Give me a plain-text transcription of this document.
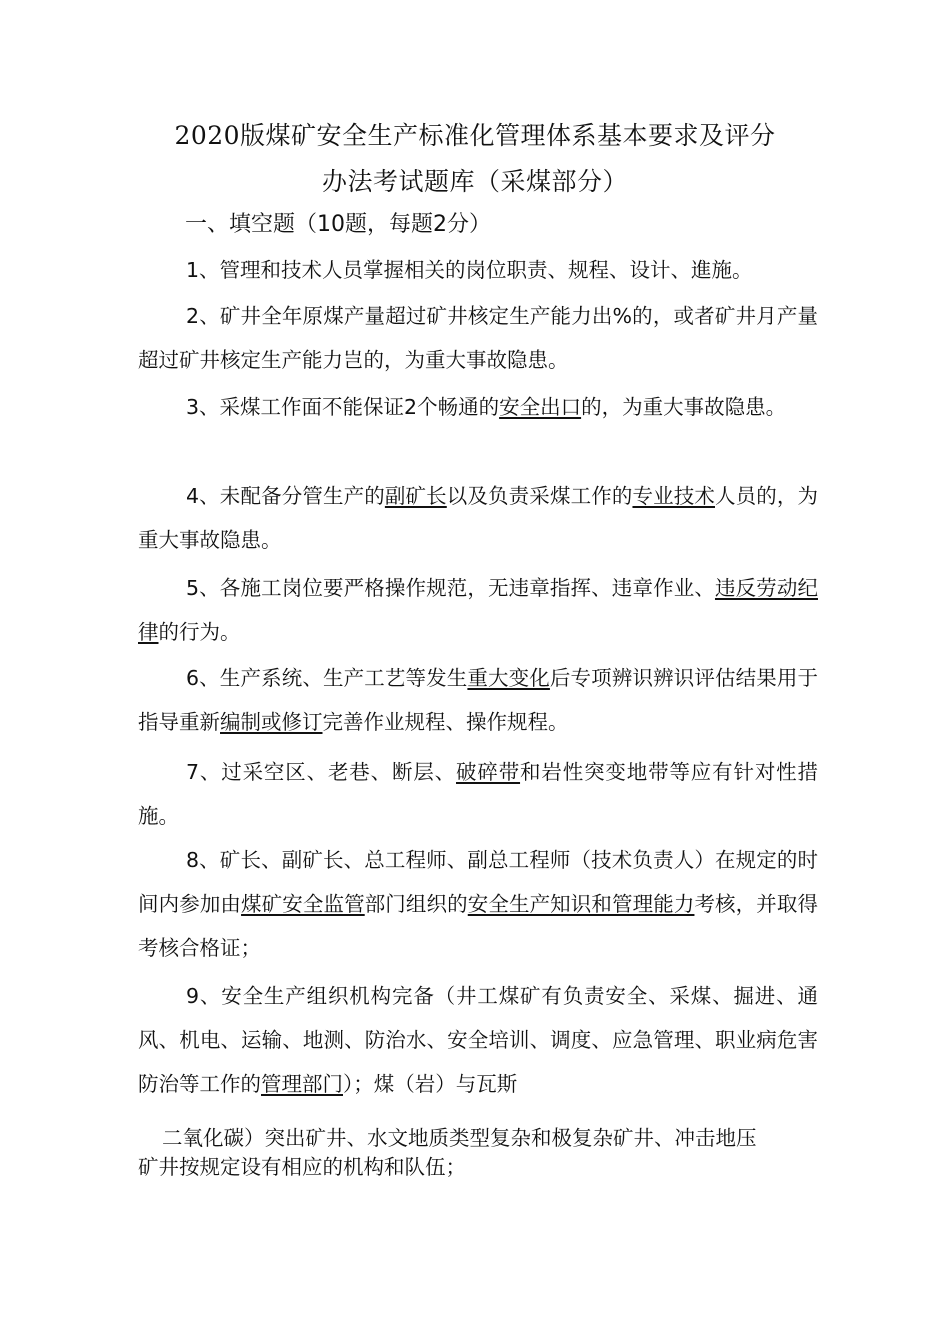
2020版煤矿安全生产标准化管理体系基本要求及评分
办法考试题库（采煤部分）
一、填空题（10题，每题2分）
1、管理和技术人员掌握相关的岗位职责、规程、设计、進施。
2、矿井全年原煤产量超过矿井核定生产能力出%的，或者矿井月产量超过矿井核定生产能力岂的，为重大事故隐患。
3、采煤工作面不能保证2个畅通的安全出口的，为重大事故隐患。
4、未配备分管生产的副矿长以及负责采煤工作的专业技术人员的，为重大事故隐患。
5、各施工岗位要严格操作规范，无违章指挥、违章作业、违反劳动纪律的行为。
6、生产系统、生产工艺等发生重大变化后专项辨识辨识评估结果用于指导重新编制或修订完善作业规程、操作规程。
7、过采空区、老巷、断层、破碎带和岩性突变地带等应有针对性措施。
8、矿长、副矿长、总工程师、副总工程师（技术负责人）在规定的时间内参加由煤矿安全监管部门组织的安全生产知识和管理能力考核，并取得考核合格证；
9、安全生产组织机构完备（井工煤矿有负责安全、采煤、掘进、通风、机电、运输、地测、防治水、安全培训、调度、应急管理、职业病危害防治等工作的管理部门）；煤（岩）与瓦斯
二氧化碳）突出矿井、水文地质类型复杂和极复杂矿井、冲击地压
矿井按规定设有相应的机构和队伍；
